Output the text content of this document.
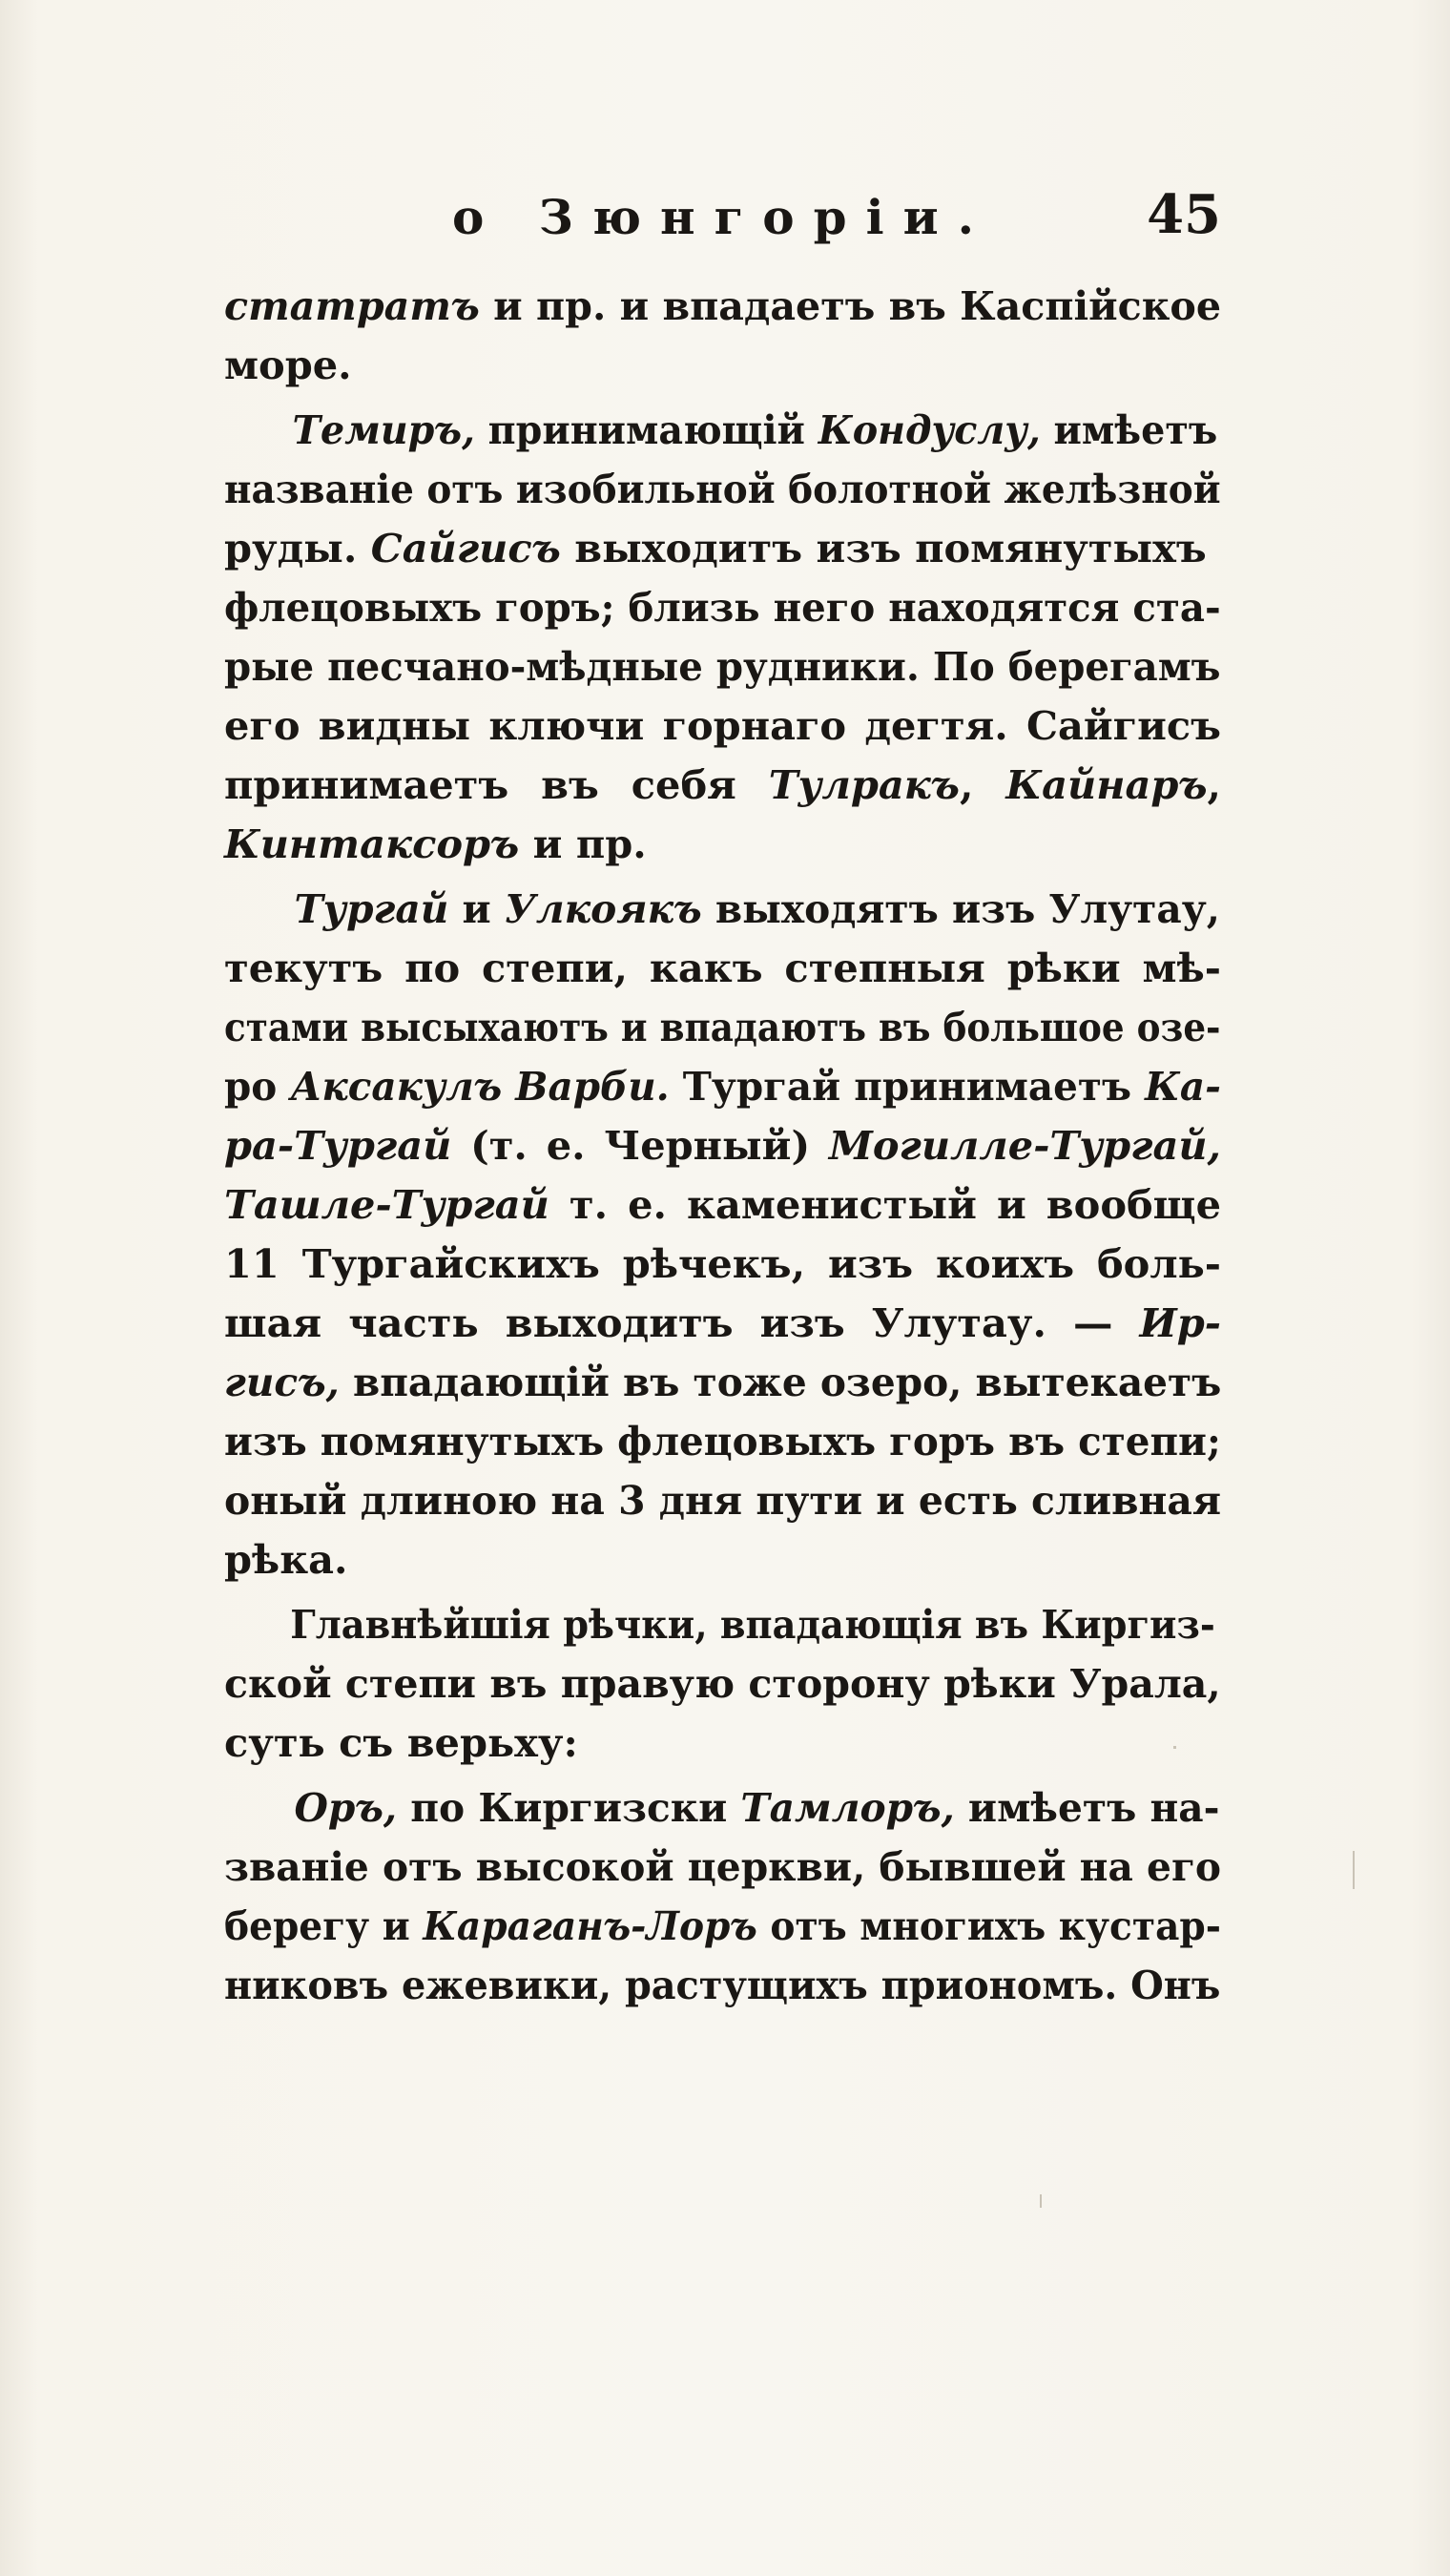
о Зюнгоріи.	45
статратъ и пр. и впадаетъ въ Каспійское
море.
Темиръ, принимающій Кондуслу, имѣетъ
названіе отъ изобильной болотной желѣзной
руды. Сайгисъ выходитъ изъ помянутыхъ
флецовыхъ горъ; близь него находятся ста-
рые песчано-мѣдные рудники. По берегамъ
его видны ключи горнаго дегтя. Сайгисъ
принимаетъ въ себя Тулракъ, Кайнаръ,
Кинтаксоръ и пр.
Тургай и Улкоякъ выходятъ изъ Улутау,
текутъ по степи, какъ степныя рѣки мѣ-
стами высыхаютъ и впадаютъ въ большое озе-
ро Аксакулъ Варби. Тургай принимаетъ Ка-
ра-Тургай (т. е. Черный) Могилле-Тургай,
Ташле-Тургай т. е. каменистый и вообще
11 Тургайскихъ рѣчекъ, изъ коихъ боль-
шая часть выходитъ изъ Улутау. — Ир-
гисъ, впадающій въ тоже озеро, вытекаетъ
изъ помянутыхъ флецовыхъ горъ въ степи;
оный длиною на 3 дня пути и есть сливная
рѣка.
Главнѣйшія рѣчки, впадающія въ Киргиз-
ской степи въ правую сторону рѣки Урала,
суть съ верьху:
Оръ, по Киргизски Тамлоръ, имѣетъ на-
званіе отъ высокой церкви, бывшей на его
берегу и Караганъ-Лоръ отъ многихъ кустар-
никовъ ежевики, растущихъ приономъ. Онъ
